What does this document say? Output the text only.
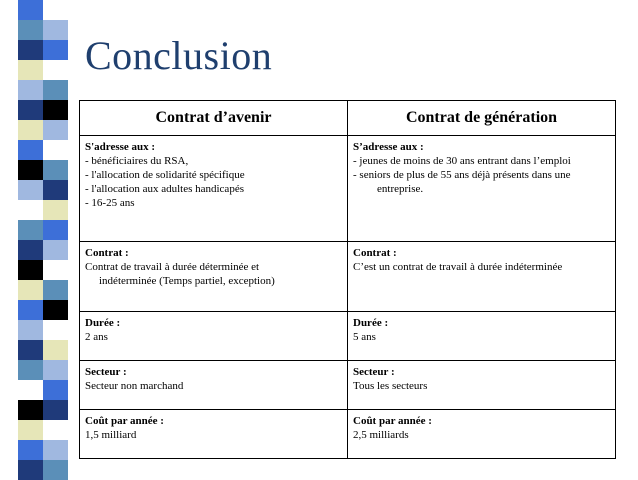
Conclusion
Contrat d’avenir	Contrat de génération

S'adresse aux :
- bénéficiaires du RSA,
- l'allocation de solidarité spécifique
- l'allocation aux adultes handicapés
- 16-25 ans	S’adresse aux :
- jeunes de moins de 30 ans entrant dans l’emploi
- seniors de plus de 55 ans déjà présents dans une
entreprise.

Contrat :
Contrat de travail à durée déterminée et
indéterminée (Temps partiel, exception)	Contrat :
C’est un contrat de travail à durée indéterminée

Durée :
2 ans	Durée :
5 ans

Secteur :
Secteur non marchand	Secteur :
Tous les secteurs

Coût par année :
1,5 milliard	Coût par année :
2,5 milliards
